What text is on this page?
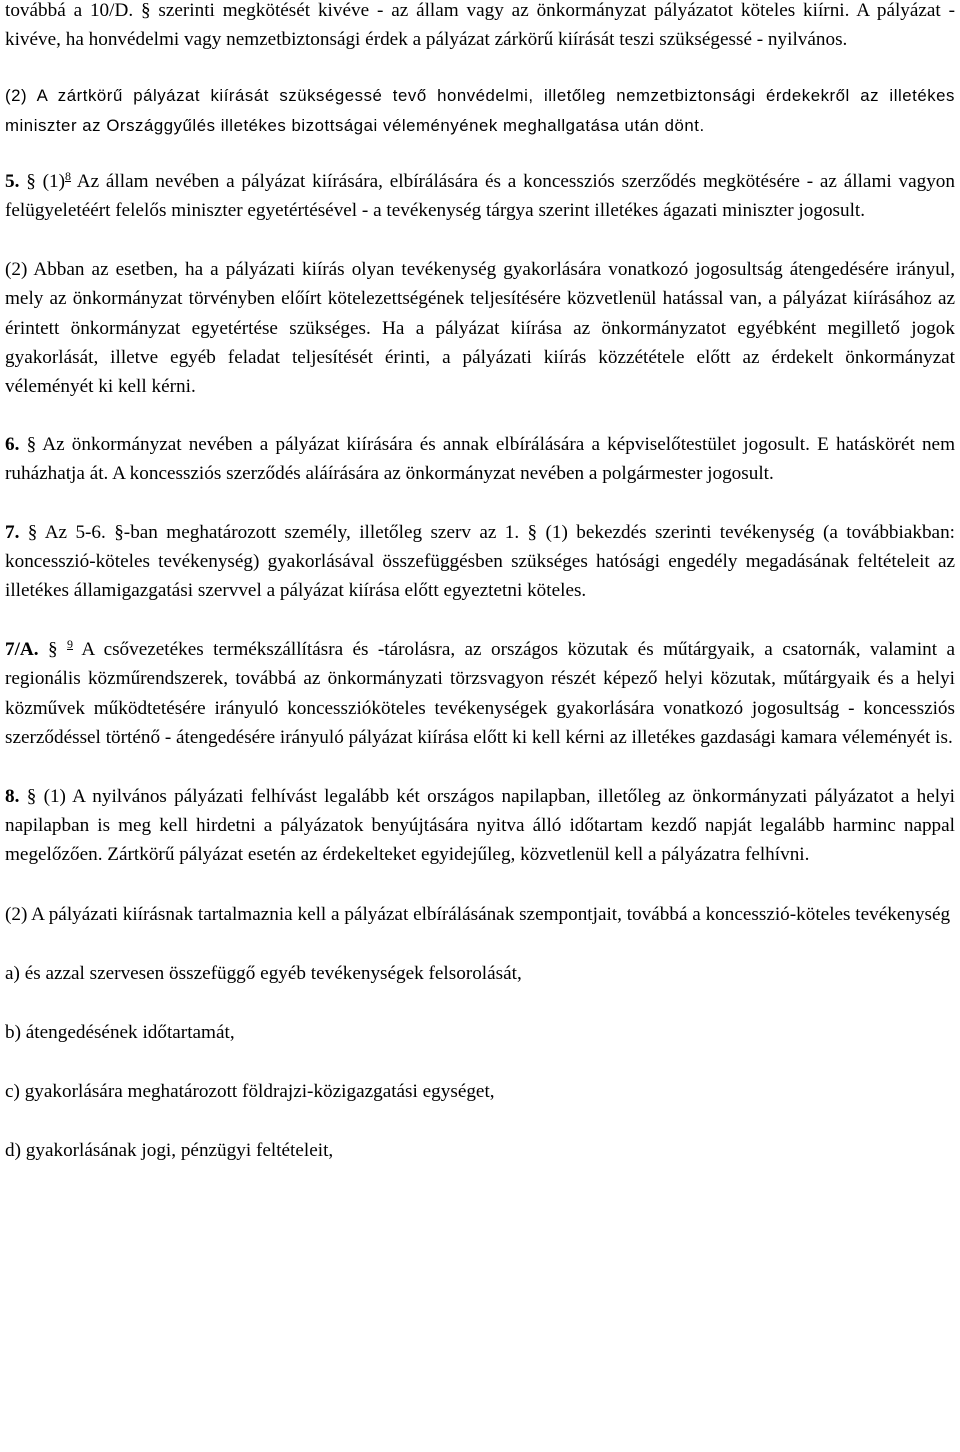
továbbá a 10/D. § szerinti megkötését kivéve - az állam vagy az önkormányzat pályázatot köteles kiírni. A pályázat - kivéve, ha honvédelmi vagy nemzetbiztonsági érdek a pályázat zárkörű kiírását teszi szükségessé - nyilvános.

(2) A zártkörű pályázat kiírását szükségessé tevő honvédelmi, illetőleg nemzetbiztonsági érdekekről az illetékes miniszter az Országgyűlés illetékes bizottságai véleményének meghallgatása után dönt.

5. § (1)$^8$ Az állam nevében a pályázat kiírására, elbírálására és a koncessziós szerződés megkötésére - az állami vagyon felügyeletéért felelős miniszter egyetértésével - a tevékenység tárgya szerint illetékes ágazati miniszter jogosult.

(2) Abban az esetben, ha a pályázati kiírás olyan tevékenység gyakorlására vonatkozó jogosultság átengedésére irányul, mely az önkormányzat törvényben előírt kötelezettségének teljesítésére közvetlenül hatással van, a pályázat kiírásához az érintett önkormányzat egyetértése szükséges. Ha a pályázat kiírása az önkormányzatot egyébként megillető jogok gyakorlását, illetve egyéb feladat teljesítését érinti, a pályázati kiírás közzététele előtt az érdekelt önkormányzat véleményét ki kell kérni.

6. § Az önkormányzat nevében a pályázat kiírására és annak elbírálására a képviselőtestület jogosult. E hatáskörét nem ruházhatja át. A koncessziós szerződés aláírására az önkormányzat nevében a polgármester jogosult.

7. § Az 5-6. §-ban meghatározott személy, illetőleg szerv az 1. § (1) bekezdés szerinti tevékenység (a továbbiakban: koncesszió-köteles tevékenység) gyakorlásával összefüggésben szükséges hatósági engedély megadásának feltételeit az illetékes államigazgatási szervvel a pályázat kiírása előtt egyeztetni köteles.

7/A. § $^9$ A csővezetékes termékszállításra és -tárolásra, az országos közutak és műtárgyaik, a csatornák, valamint a regionális közműrendszerek, továbbá az önkormányzati törzsvagyon részét képező helyi közutak, műtárgyaik és a helyi közművek működtetésére irányuló koncesszióköteles tevékenységek gyakorlására vonatkozó jogosultság - koncessziós szerződéssel történő - átengedésére irányuló pályázat kiírása előtt ki kell kérni az illetékes gazdasági kamara véleményét is.

8. § (1) A nyilvános pályázati felhívást legalább két országos napilapban, illetőleg az önkormányzati pályázatot a helyi napilapban is meg kell hirdetni a pályázatok benyújtására nyitva álló időtartam kezdő napját legalább harminc nappal megelőzően. Zártkörű pályázat esetén az érdekelteket egyidejűleg, közvetlenül kell a pályázatra felhívni.

(2) A pályázati kiírásnak tartalmaznia kell a pályázat elbírálásának szempontjait, továbbá a koncesszió-köteles tevékenység

a) és azzal szervesen összefüggő egyéb tevékenységek felsorolását,

b) átengedésének időtartamát,

c) gyakorlására meghatározott földrajzi-közigazgatási egységet,

d) gyakorlásának jogi, pénzügyi feltételeit,
